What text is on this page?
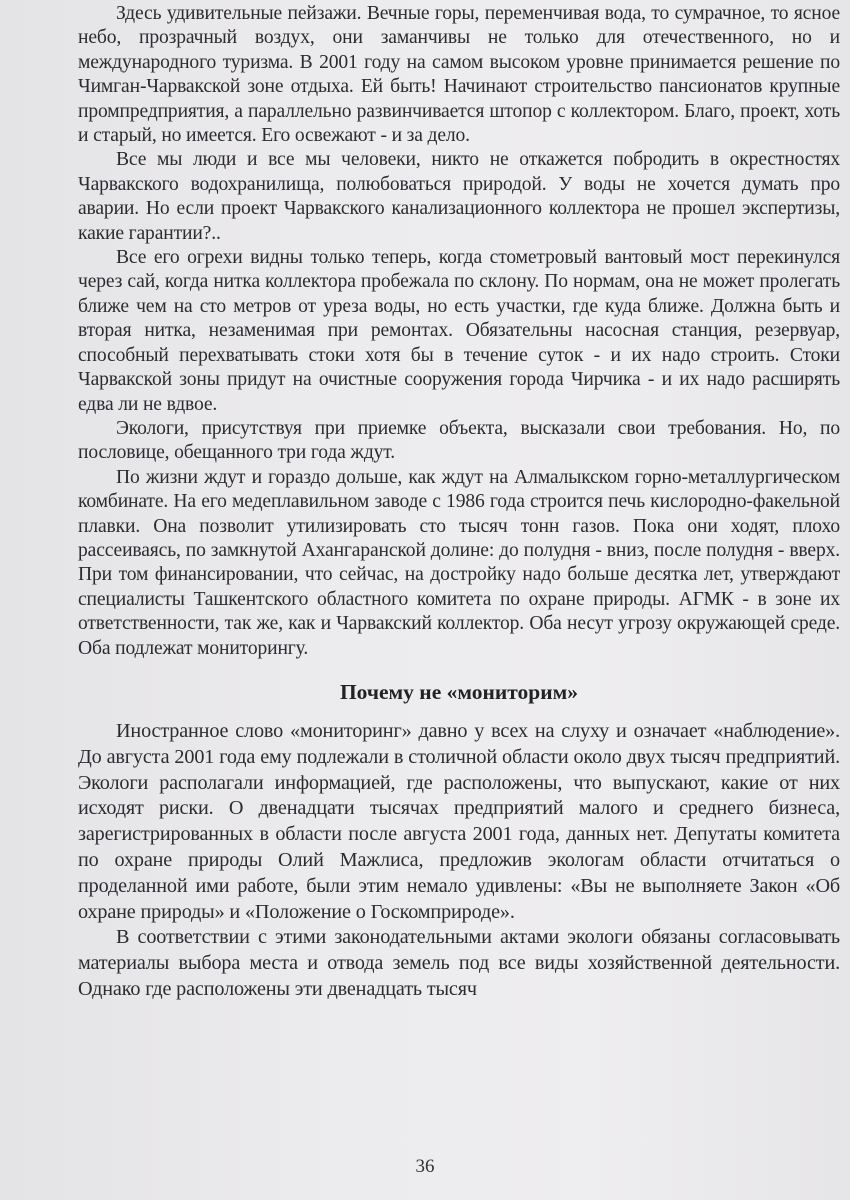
Здесь удивительные пейзажи. Вечные горы, переменчивая вода, то сумрачное, то ясное небо, прозрачный воздух, они заманчивы не только для отечественного, но и международного туризма. В 2001 году на самом высоком уровне принимается решение по Чимган-Чарвакской зоне отдыха. Ей быть! Начинают строительство пансионатов крупные промпредприятия, а параллельно развинчивается штопор с коллектором. Благо, проект, хоть и старый, но имеется. Его освежают - и за дело.

Все мы люди и все мы человеки, никто не откажется побродить в окрестностях Чарвакского водохранилища, полюбоваться природой. У воды не хочется думать про аварии. Но если проект Чарвакского канализационного коллектора не прошел экспертизы, какие гарантии?..

Все его огрехи видны только теперь, когда стометровый вантовый мост перекинулся через сай, когда нитка коллектора пробежала по склону. По нормам, она не может пролегать ближе чем на сто метров от уреза воды, но есть участки, где куда ближе. Должна быть и вторая нитка, незаменимая при ремонтах. Обязательны насосная станция, резервуар, способный перехватывать стоки хотя бы в течение суток - и их надо строить. Стоки Чарвакской зоны придут на очистные сооружения города Чирчика - и их надо расширять едва ли не вдвое.

Экологи, присутствуя при приемке объекта, высказали свои требования. Но, по пословице, обещанного три года ждут.

По жизни ждут и гораздо дольше, как ждут на Алмалыкском горно-металлургическом комбинате. На его медеплавильном заводе с 1986 года строится печь кислородно-факельной плавки. Она позволит утилизировать сто тысяч тонн газов. Пока они ходят, плохо рассеиваясь, по замкнутой Ахангаранской долине: до полудня - вниз, после полудня - вверх. При том финансировании, что сейчас, на достройку надо больше десятка лет, утверждают специалисты Ташкентского областного комитета по охране природы. АГМК - в зоне их ответственности, так же, как и Чарвакский коллектор. Оба несут угрозу окружающей среде. Оба подлежат мониторингу.

Почему не «мониторим»

Иностранное слово «мониторинг» давно у всех на слуху и означает «наблюдение». До августа 2001 года ему подлежали в столичной области около двух тысяч предприятий. Экологи располагали информацией, где расположены, что выпускают, какие от них исходят риски. О двенадцати тысячах предприятий малого и среднего бизнеса, зарегистрированных в области после августа 2001 года, данных нет. Депутаты комитета по охране природы Олий Мажлиса, предложив экологам области отчитаться о проделанной ими работе, были этим немало удивлены: «Вы не выполняете Закон «Об охране природы» и «Положение о Госкомприроде».

В соответствии с этими законодательными актами экологи обязаны согласовывать материалы выбора места и отвода земель под все виды хозяйственной деятельности. Однако где расположены эти двенадцать тысяч

36
